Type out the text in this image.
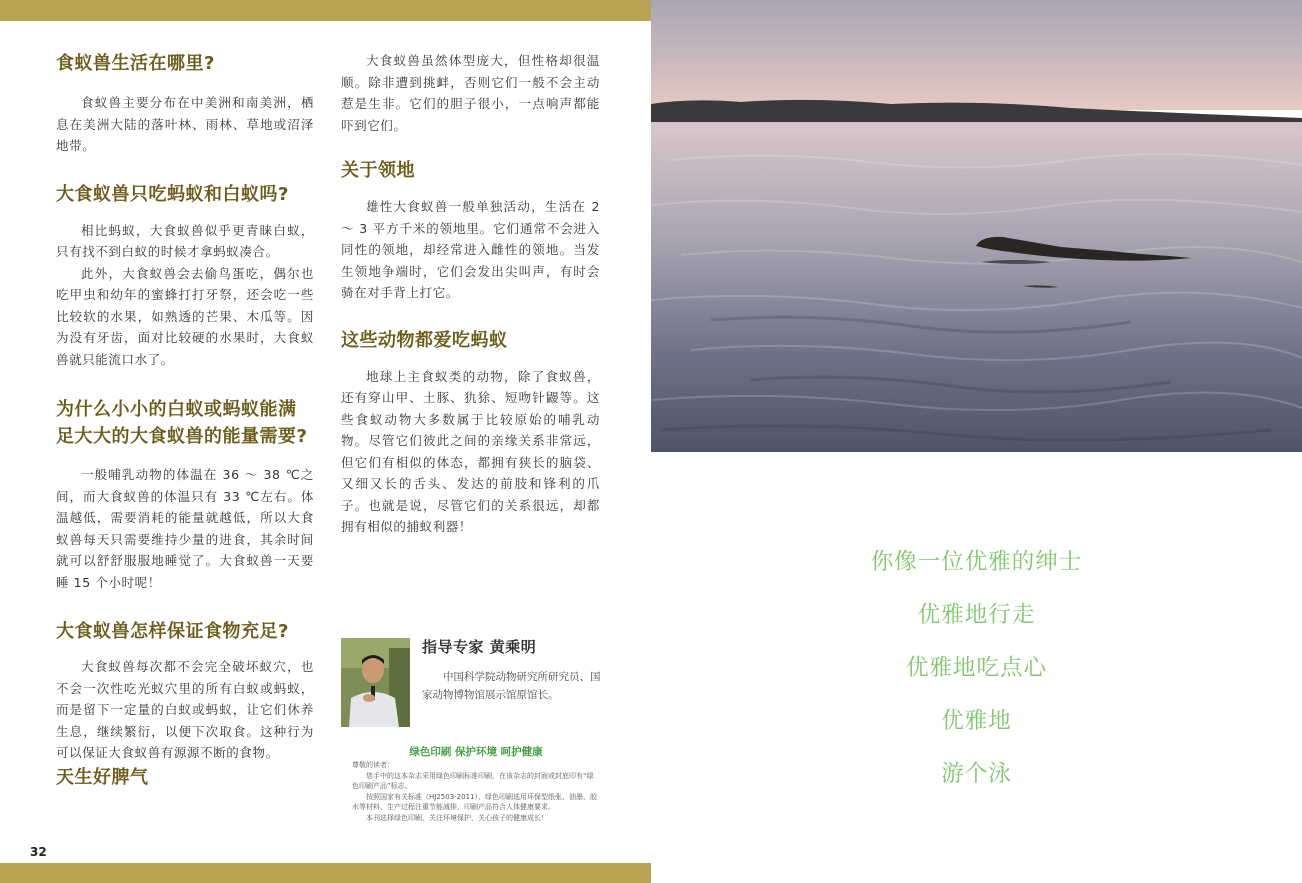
32
食蚁兽生活在哪里?

食蚁兽主要分布在中美洲和南美洲，栖息在美洲大陆的落叶林、雨林、草地或沼泽地带。

大食蚁兽只吃蚂蚁和白蚁吗?

相比蚂蚁，大食蚁兽似乎更青睐白蚁，只有找不到白蚁的时候才拿蚂蚁凑合。

此外，大食蚁兽会去偷鸟蛋吃，偶尔也吃甲虫和幼年的蜜蜂打打牙祭，还会吃一些比较软的水果，如熟透的芒果、木瓜等。因为没有牙齿，面对比较硬的水果时，大食蚁兽就只能流口水了。

为什么小小的白蚁或蚂蚁能满足大大的大食蚁兽的能量需要?

一般哺乳动物的体温在 36 ～ 38 ℃之间，而大食蚁兽的体温只有 33 ℃左右。体温越低，需要消耗的能量就越低，所以大食蚁兽每天只需要维持少量的进食，其余时间就可以舒舒服服地睡觉了。大食蚁兽一天要睡 15 个小时呢！

大食蚁兽怎样保证食物充足?

大食蚁兽每次都不会完全破坏蚁穴，也不会一次性吃光蚁穴里的所有白蚁或蚂蚁，而是留下一定量的白蚁或蚂蚁，让它们休养生息，继续繁衍，以便下次取食。这种行为可以保证大食蚁兽有源源不断的食物。

天生好脾气

大食蚁兽虽然体型庞大，但性格却很温顺。除非遭到挑衅，否则它们一般不会主动惹是生非。它们的胆子很小，一点响声都能吓到它们。

关于领地

雄性大食蚁兽一般单独活动，生活在 2 ～ 3 平方千米的领地里。它们通常不会进入同性的领地，却经常进入雌性的领地。当发生领地争端时，它们会发出尖叫声，有时会骑在对手背上打它。

这些动物都爱吃蚂蚁

地球上主食蚁类的动物，除了食蚁兽，还有穿山甲、土豚、犰狳、短吻针鼹等。这些食蚁动物大多数属于比较原始的哺乳动物。尽管它们彼此之间的亲缘关系非常远，但它们有相似的体态，都拥有狭长的脑袋、又细又长的舌头、发达的前肢和锋利的爪子。也就是说，尽管它们的关系很远，却都拥有相似的捕蚁利器！

指导专家 黄乘明
中国科学院动物研究所研究员、国家动物博物馆展示馆原馆长。
绿色印刷 保护环境 呵护健康
尊敬的读者：
您手中的这本杂志采用绿色印刷标准印刷，在该杂志的封面或封底印有“绿色印刷产品”标志。
按照国家有关标准（HJ2503-2011），绿色印刷选用环保型纸张、油墨、胶水等材料，生产过程注重节能减排，印刷产品符合人体健康要求。
本刊选择绿色印刷，关注环境保护，关心孩子的健康成长！
你像一位优雅的绅士
优雅地行走
优雅地吃点心
优雅地
游个泳
